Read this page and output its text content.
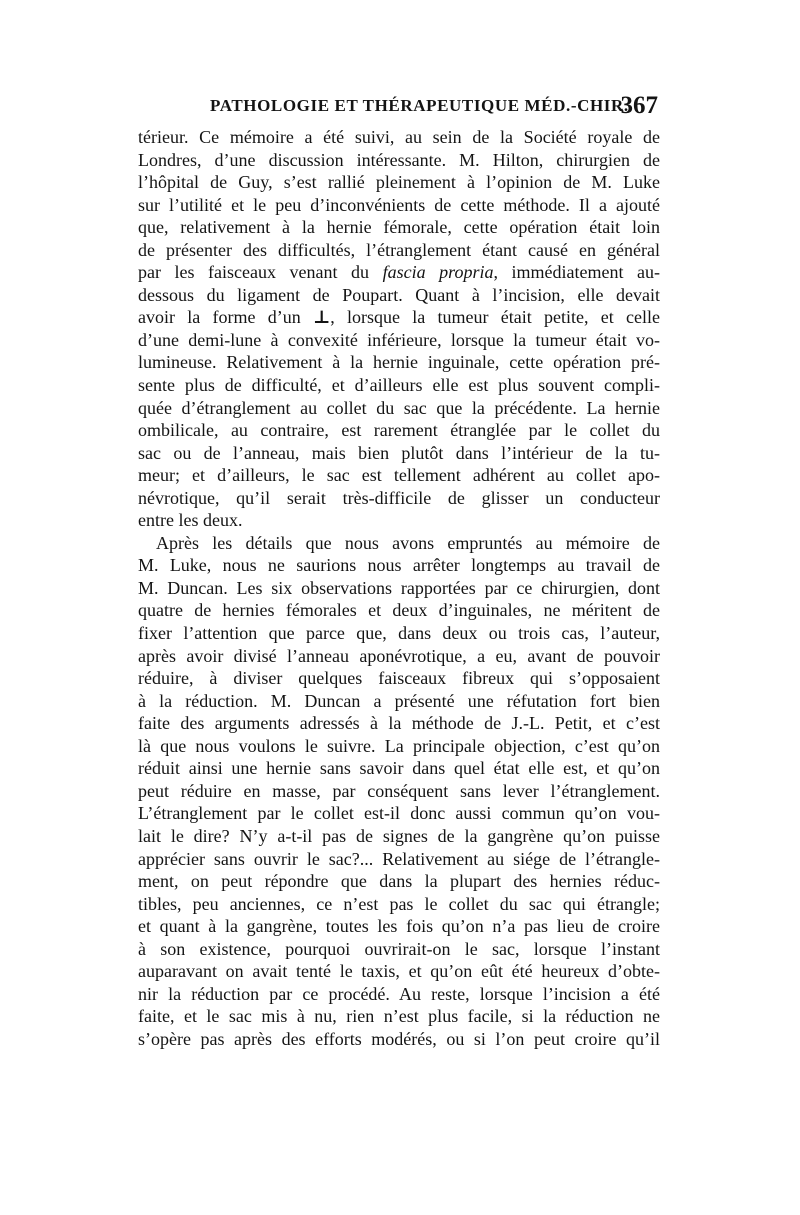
PATHOLOGIE ET THÉRAPEUTIQUE MÉD.-CHIR.
367
térieur. Ce mémoire a été suivi, au sein de la Société royale de
Londres, d’une discussion intéressante. M. Hilton, chirurgien de
l’hôpital de Guy, s’est rallié pleinement à l’opinion de M. Luke
sur l’utilité et le peu d’inconvénients de cette méthode. Il a ajouté
que, relativement à la hernie fémorale, cette opération était loin
de présenter des difficultés, l’étranglement étant causé en général
par les faisceaux venant du fascia propria, immédiatement au-
dessous du ligament de Poupart. Quant à l’incision, elle devait
avoir la forme d’un ⊥, lorsque la tumeur était petite, et celle
d’une demi-lune à convexité inférieure, lorsque la tumeur était vo-
lumineuse. Relativement à la hernie inguinale, cette opération pré-
sente plus de difficulté, et d’ailleurs elle est plus souvent compli-
quée d’étranglement au collet du sac que la précédente. La hernie
ombilicale, au contraire, est rarement étranglée par le collet du
sac ou de l’anneau, mais bien plutôt dans l’intérieur de la tu-
meur; et d’ailleurs, le sac est tellement adhérent au collet apo-
névrotique, qu’il serait très-difficile de glisser un conducteur
entre les deux.
Après les détails que nous avons empruntés au mémoire de
M. Luke, nous ne saurions nous arrêter longtemps au travail de
M. Duncan. Les six observations rapportées par ce chirurgien, dont
quatre de hernies fémorales et deux d’inguinales, ne méritent de
fixer l’attention que parce que, dans deux ou trois cas, l’auteur,
après avoir divisé l’anneau aponévrotique, a eu, avant de pouvoir
réduire, à diviser quelques faisceaux fibreux qui s’opposaient
à la réduction. M. Duncan a présenté une réfutation fort bien
faite des arguments adressés à la méthode de J.-L. Petit, et c’est
là que nous voulons le suivre. La principale objection, c’est qu’on
réduit ainsi une hernie sans savoir dans quel état elle est, et qu’on
peut réduire en masse, par conséquent sans lever l’étranglement.
L’étranglement par le collet est-il donc aussi commun qu’on vou-
lait le dire? N’y a-t-il pas de signes de la gangrène qu’on puisse
apprécier sans ouvrir le sac?... Relativement au siége de l’étrangle-
ment, on peut répondre que dans la plupart des hernies réduc-
tibles, peu anciennes, ce n’est pas le collet du sac qui étrangle;
et quant à la gangrène, toutes les fois qu’on n’a pas lieu de croire
à son existence, pourquoi ouvrirait-on le sac, lorsque l’instant
auparavant on avait tenté le taxis, et qu’on eût été heureux d’obte-
nir la réduction par ce procédé. Au reste, lorsque l’incision a été
faite, et le sac mis à nu, rien n’est plus facile, si la réduction ne
s’opère pas après des efforts modérés, ou si l’on peut croire qu’il
